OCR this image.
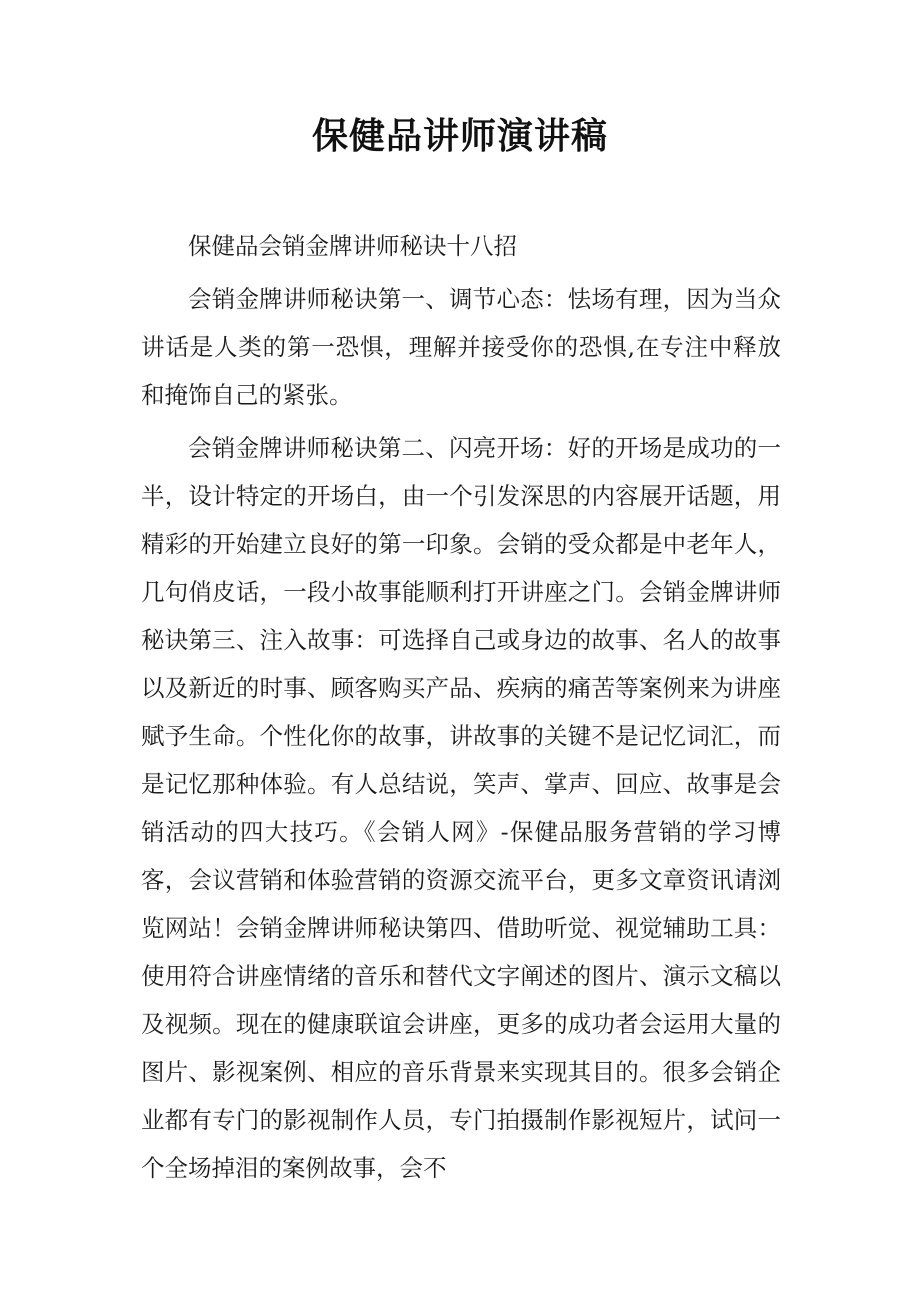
保健品讲师演讲稿

保健品会销金牌讲师秘诀十八招

会销金牌讲师秘诀第一、调节心态：怯场有理，因为当众讲话是人类的第一恐惧，理解并接受你的恐惧,在专注中释放和掩饰自己的紧张。

会销金牌讲师秘诀第二、闪亮开场：好的开场是成功的一半，设计特定的开场白，由一个引发深思的内容展开话题，用精彩的开始建立良好的第一印象。会销的受众都是中老年人，几句俏皮话，一段小故事能顺利打开讲座之门。会销金牌讲师秘诀第三、注入故事：可选择自己或身边的故事、名人的故事以及新近的时事、顾客购买产品、疾病的痛苦等案例来为讲座赋予生命。个性化你的故事，讲故事的关键不是记忆词汇，而是记忆那种体验。有人总结说，笑声、掌声、回应、故事是会销活动的四大技巧。《会销人网》-保健品服务营销的学习博客，会议营销和体验营销的资源交流平台，更多文章资讯请浏览网站！会销金牌讲师秘诀第四、借助听觉、视觉辅助工具：使用符合讲座情绪的音乐和替代文字阐述的图片、演示文稿以及视频。现在的健康联谊会讲座，更多的成功者会运用大量的图片、影视案例、相应的音乐背景来实现其目的。很多会销企业都有专门的影视制作人员，专门拍摄制作影视短片，试问一个全场掉泪的案例故事，会不
